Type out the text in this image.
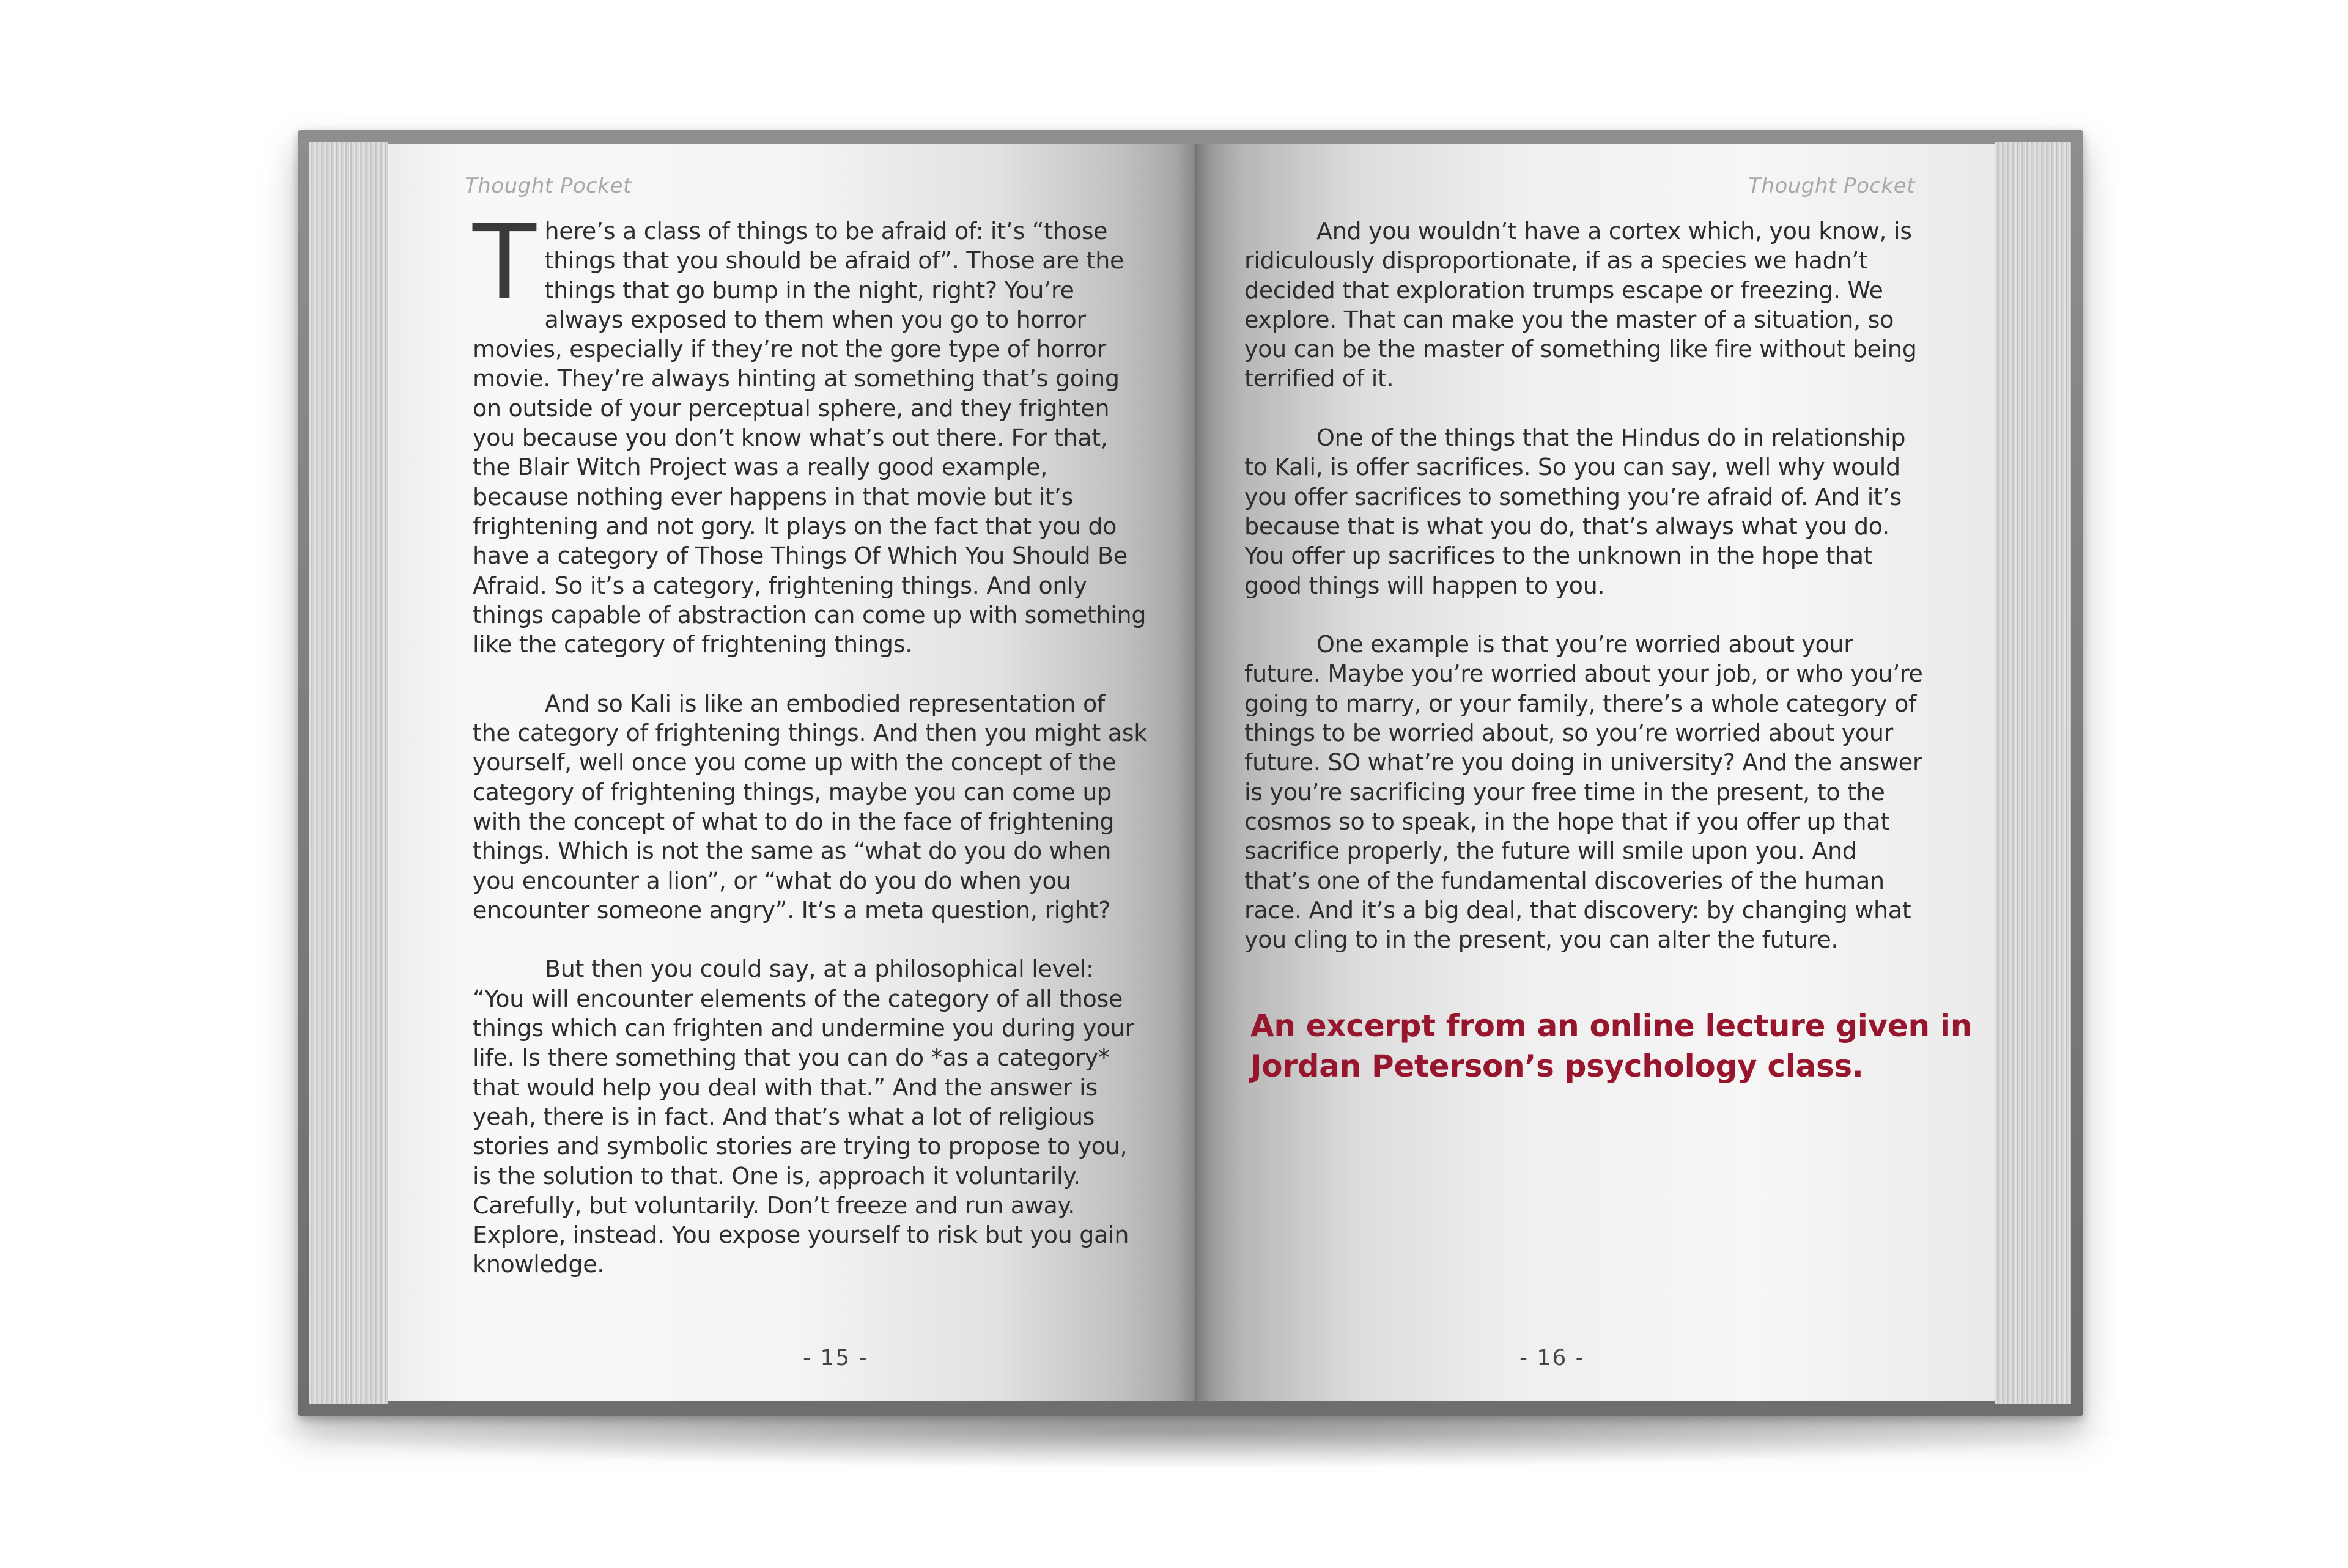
Thought Pocket

There’s a class of things to be afraid of: it’s “those things that you should be afraid of”. Those are the things that go bump in the night, right? You’re always exposed to them when you go to horror movies, especially if they’re not the gore type of horror movie. They’re always hinting at something that’s going on outside of your perceptual sphere, and they frighten you because you don’t know what’s out there. For that, the Blair Witch Project was a really good example, because nothing ever happens in that movie but it’s frightening and not gory. It plays on the fact that you do have a category of Those Things Of Which You Should Be Afraid. So it’s a category, frightening things. And only things capable of abstraction can come up with something like the category of frightening things.

And so Kali is like an embodied representation of the category of frightening things. And then you might ask yourself, well once you come up with the concept of the category of frightening things, maybe you can come up with the concept of what to do in the face of frightening things. Which is not the same as “what do you do when you encounter a lion”, or “what do you do when you encounter someone angry”. It’s a meta question, right?

But then you could say, at a philosophical level: “You will encounter elements of the category of all those things which can frighten and undermine you during your life. Is there something that you can do *as a category* that would help you deal with that.” And the answer is yeah, there is in fact. And that’s what a lot of religious stories and symbolic stories are trying to propose to you, is the solution to that. One is, approach it voluntarily. Carefully, but voluntarily. Don’t freeze and run away. Explore, instead. You expose yourself to risk but you gain knowledge.

- 15 -
Thought Pocket

And you wouldn’t have a cortex which, you know, is ridiculously disproportionate, if as a species we hadn’t decided that exploration trumps escape or freezing. We explore. That can make you the master of a situation, so you can be the master of something like fire without being terrified of it.

One of the things that the Hindus do in relationship to Kali, is offer sacrifices. So you can say, well why would you offer sacrifices to something you’re afraid of. And it’s because that is what you do, that’s always what you do. You offer up sacrifices to the unknown in the hope that good things will happen to you.

One example is that you’re worried about your future. Maybe you’re worried about your job, or who you’re going to marry, or your family, there’s a whole category of things to be worried about, so you’re worried about your future. SO what’re you doing in university? And the answer is you’re sacrificing your free time in the present, to the cosmos so to speak, in the hope that if you offer up that sacrifice properly, the future will smile upon you. And that’s one of the fundamental discoveries of the human race. And it’s a big deal, that discovery: by changing what you cling to in the present, you can alter the future.

- 16 -
An excerpt from an online lecture given in Jordan Peterson’s psychology class.
